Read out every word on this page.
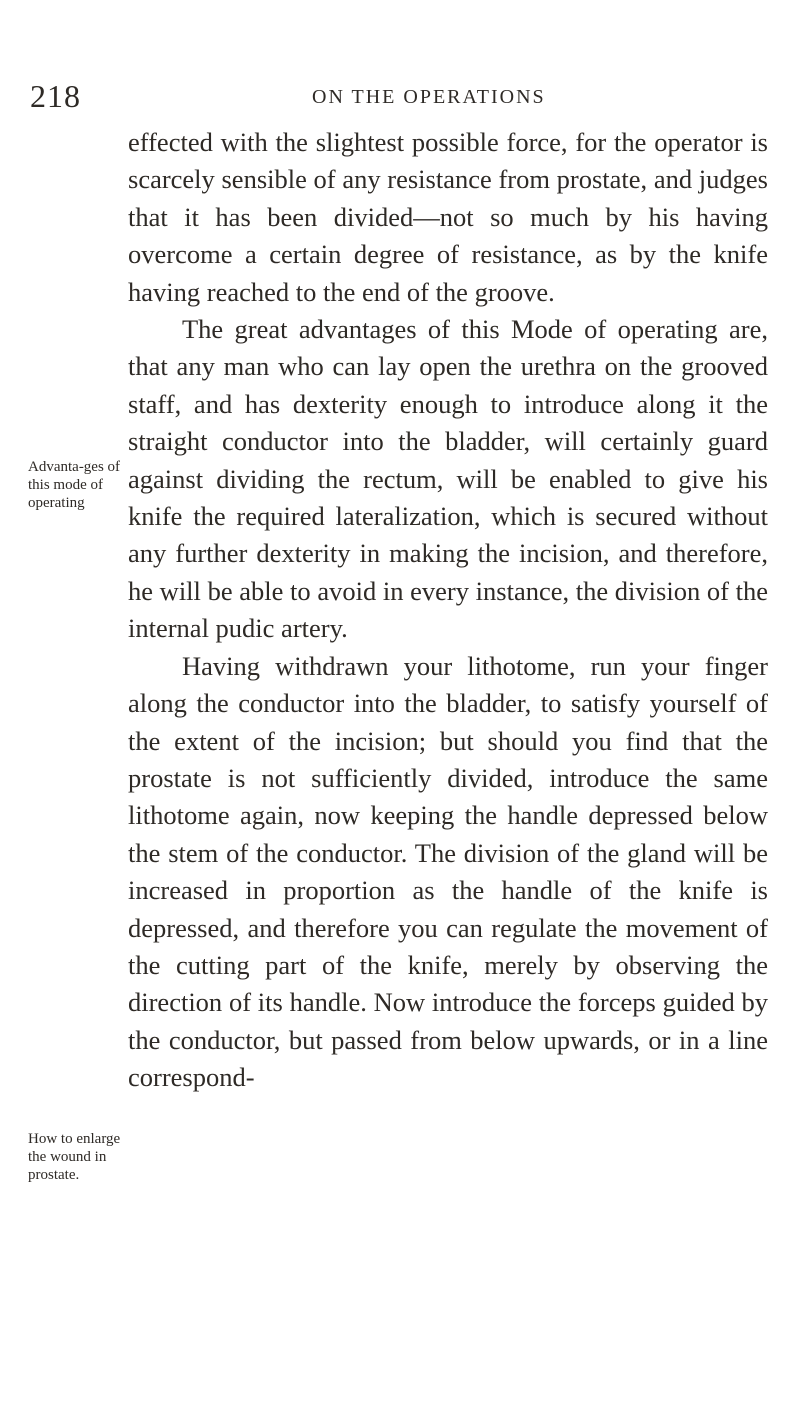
218	ON THE OPERATIONS
Advanta-ges of this mode of operating
How to enlarge the wound in prostate.

effected with the slightest possible force, for the operator is scarcely sensible of any resistance from prostate, and judges that it has been divided—not so much by his having overcome a certain degree of resistance, as by the knife having reached to the end of the groove.

The great advantages of this Mode of operating are, that any man who can lay open the urethra on the grooved staff, and has dexterity enough to introduce along it the straight conductor into the bladder, will certainly guard against dividing the rectum, will be enabled to give his knife the required lateralization, which is secured without any further dexterity in making the incision, and therefore, he will be able to avoid in every instance, the division of the internal pudic artery.

Having withdrawn your lithotome, run your finger along the conductor into the bladder, to satisfy yourself of the extent of the incision; but should you find that the prostate is not sufficiently divided, introduce the same lithotome again, now keeping the handle depressed below the stem of the conductor. The division of the gland will be increased in proportion as the handle of the knife is depressed, and therefore you can regulate the movement of the cutting part of the knife, merely by observing the direction of its handle. Now introduce the forceps guided by the conductor, but passed from below upwards, or in a line correspond-
